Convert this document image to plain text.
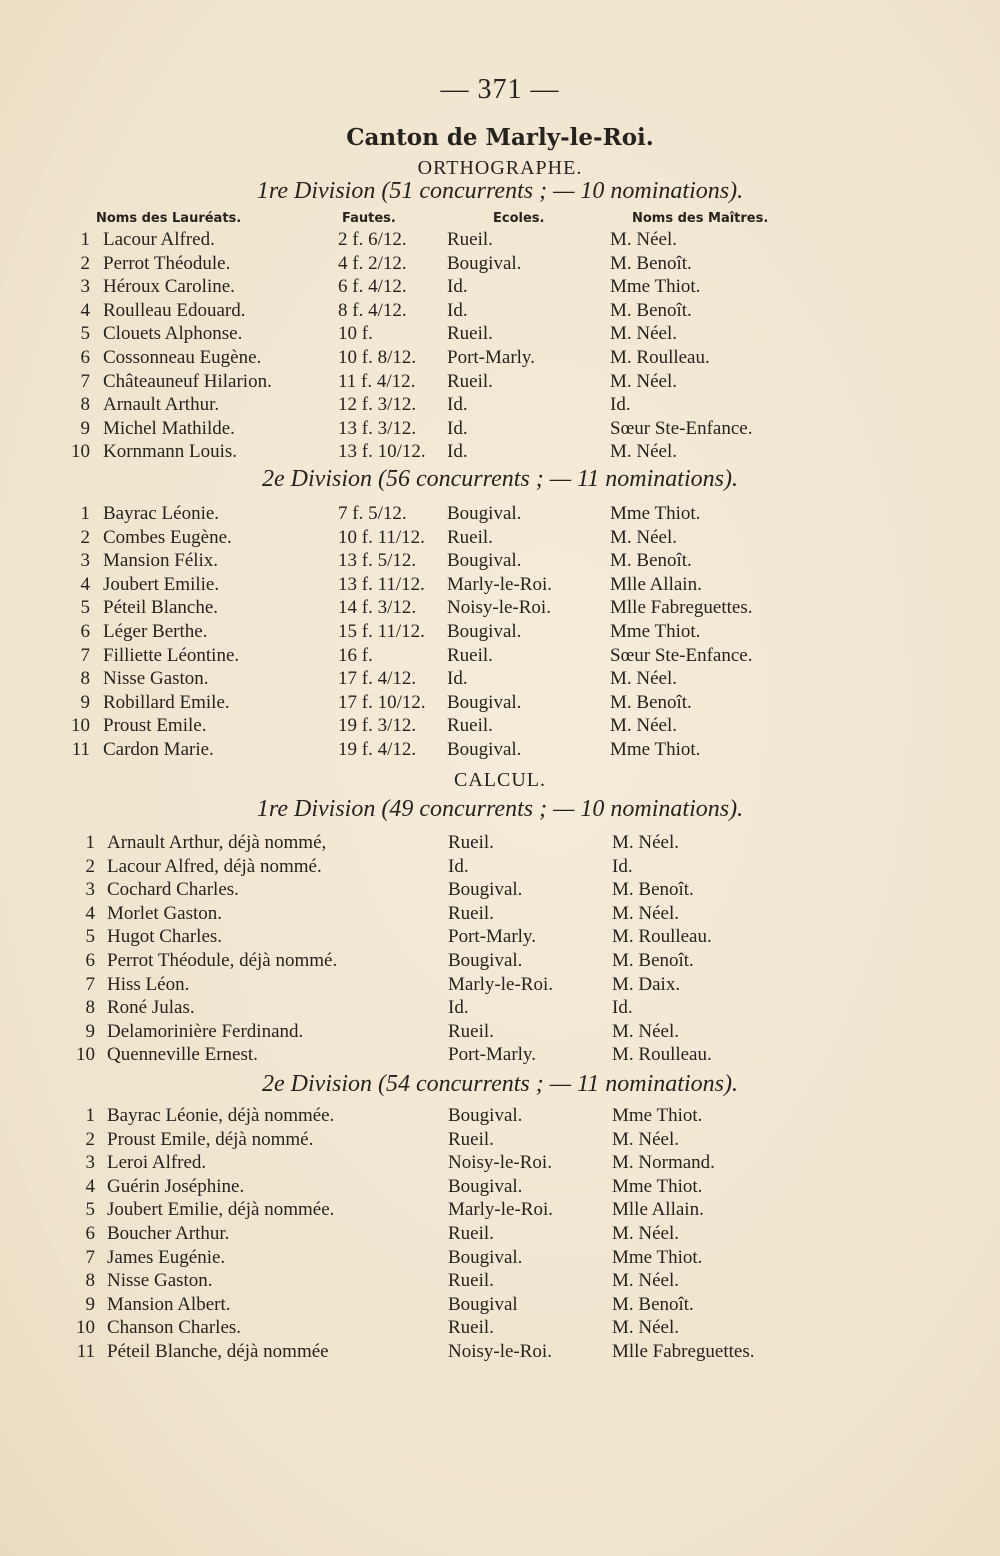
— 371 —
Canton de Marly-le-Roi.
ORTHOGRAPHE.
1re Division (51 concurrents ; — 10 nominations).
Noms des Lauréats.	Fautes.	Ecoles.	Noms des Maîtres.
1 Lacour Alfred.	2 f. 6/12. Rueil.	M. Néel.
2 Perrot Théodule.	4 f. 2/12. Bougival.	M. Benoît.
3 Héroux Caroline.	6 f. 4/12. Id.	Mme Thiot.
4 Roulleau Edouard.	8 f. 4/12. Id.	M. Benoît.
5 Clouets Alphonse.	10 f.	Rueil.	M. Néel.
6 Cossonneau Eugène.	10 f. 8/12. Port-Marly.	M. Roulleau.
7 Châteauneuf Hilarion.	11 f. 4/12. Rueil.	M. Néel.
8 Arnault Arthur.	12 f. 3/12. Id.	Id.
9 Michel Mathilde.	13 f. 3/12. Id.	Sœur Ste-Enfance.
10 Kornmann Louis.	13 f. 10/12. Id.	M. Néel.
2e Division (56 concurrents ; — 11 nominations).
1 Bayrac Léonie.	7 f. 5/12. Bougival.	Mme Thiot.
2 Combes Eugène.	10 f. 11/12. Rueil.	M. Néel.
3 Mansion Félix.	13 f. 5/12. Bougival.	M. Benoît.
4 Joubert Emilie.	13 f. 11/12. Marly-le-Roi.	Mlle Allain.
5 Péteil Blanche.	14 f. 3/12. Noisy-le-Roi.	Mlle Fabreguettes.
6 Léger Berthe.	15 f. 11/12. Bougival.	Mme Thiot.
7 Filliette Léontine.	16 f.	Rueil.	Sœur Ste-Enfance.
8 Nisse Gaston.	17 f. 4/12. Id.	M. Néel.
9 Robillard Emile.	17 f. 10/12. Bougival.	M. Benoît.
10 Proust Emile.	19 f. 3/12. Rueil.	M. Néel.
11 Cardon Marie.	19 f. 4/12. Bougival.	Mme Thiot.
CALCUL.
1re Division (49 concurrents ; — 10 nominations).
1 Arnault Arthur, déjà nommé,	Rueil.	M. Néel.
2 Lacour Alfred, déjà nommé.	Id.	Id.
3 Cochard Charles.	Bougival.	M. Benoît.
4 Morlet Gaston.	Rueil.	M. Néel.
5 Hugot Charles.	Port-Marly.	M. Roulleau.
6 Perrot Théodule, déjà nommé.	Bougival.	M. Benoît.
7 Hiss Léon.	Marly-le-Roi.	M. Daix.
8 Roné Julas.	Id.	Id.
9 Delamorinière Ferdinand.	Rueil.	M. Néel.
10 Quenneville Ernest.	Port-Marly.	M. Roulleau.
2e Division (54 concurrents ; — 11 nominations).
1 Bayrac Léonie, déjà nommée.	Bougival.	Mme Thiot.
2 Proust Emile, déjà nommé.	Rueil.	M. Néel.
3 Leroi Alfred.	Noisy-le-Roi.	M. Normand.
4 Guérin Joséphine.	Bougival.	Mme Thiot.
5 Joubert Emilie, déjà nommée.	Marly-le-Roi.	Mlle Allain.
6 Boucher Arthur.	Rueil.	M. Néel.
7 James Eugénie.	Bougival.	Mme Thiot.
8 Nisse Gaston.	Rueil.	M. Néel.
9 Mansion Albert.	Bougival	M. Benoît.
10 Chanson Charles.	Rueil.	M. Néel.
11 Péteil Blanche, déjà nommée	Noisy-le-Roi.	Mlle Fabreguettes.
